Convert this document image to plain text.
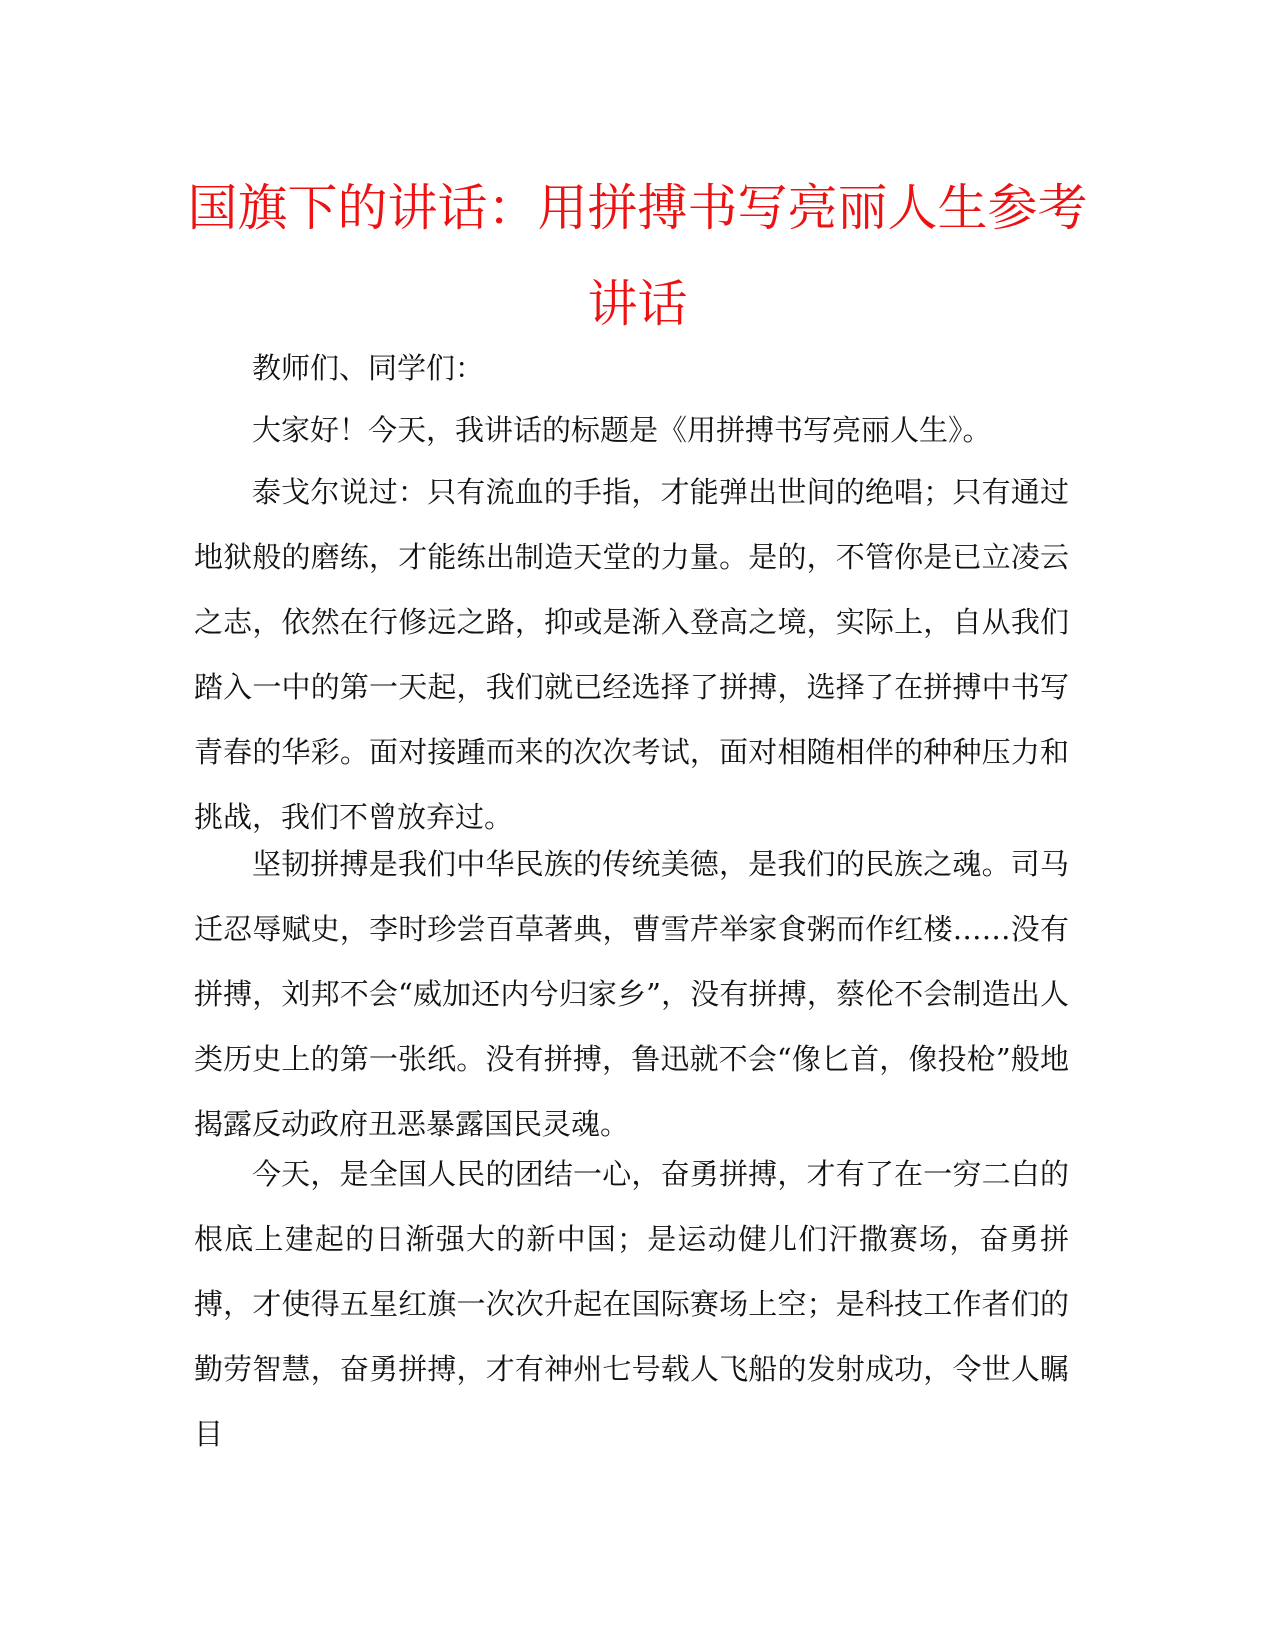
国旗下的讲话：用拼搏书写亮丽人生参考
讲话

教师们、同学们：

大家好！今天，我讲话的标题是《用拼搏书写亮丽人生》。

泰戈尔说过：只有流血的手指，才能弹出世间的绝唱；只有通过地狱般的磨练，才能练出制造天堂的力量。是的，不管你是已立凌云之志，依然在行修远之路，抑或是渐入登高之境，实际上，自从我们踏入一中的第一天起，我们就已经选择了拼搏，选择了在拼搏中书写青春的华彩。面对接踵而来的次次考试，面对相随相伴的种种压力和挑战，我们不曾放弃过。

坚韧拼搏是我们中华民族的传统美德，是我们的民族之魂。司马迁忍辱赋史，李时珍尝百草著典，曹雪芹举家食粥而作红楼……没有拼搏，刘邦不会“威加还内兮归家乡”，没有拼搏，蔡伦不会制造出人类历史上的第一张纸。没有拼搏，鲁迅就不会“像匕首，像投枪”般地揭露反动政府丑恶暴露国民灵魂。

今天，是全国人民的团结一心，奋勇拼搏，才有了在一穷二白的根底上建起的日渐强大的新中国；是运动健儿们汗撒赛场，奋勇拼搏，才使得五星红旗一次次升起在国际赛场上空；是科技工作者们的勤劳智慧，奋勇拼搏，才有神州七号载人飞船的发射成功，令世人瞩目
